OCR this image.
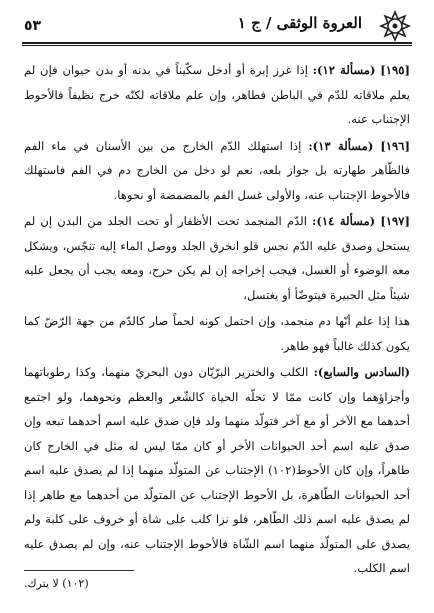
٥٣	العروة الوثقى / ج ١

[١٩٥] (مسألة ١٢): إذا غرز إبرة أو أدخل سكّيناً في بدنه أو بدن حيوان فإن لم يعلم ملاقاته للدّم في الباطن فطاهر، وإن علم ملاقاته لكنّه خرج نظيفاً فالأحوط الإجتناب عنه.

[١٩٦] (مسألة ١٣): إذا استهلك الدّم الخارج من بين الأسنان في ماء الفم فالظّاهر طهارته بل جواز بلعه، نعم لو دخل من الخارج دم في الفم فاستهلك فالأحوط الإجتناب عنه، والأولى غسل الفم بالمضمضة أو نحوها.

[١٩٧] (مسألة ١٤): الدّم المنجمد تحت الأظفار أو تحت الجلد من البدن إن لم يستحل وصدق عليه الدّم نجس فلو انخرق الجلد ووصل الماء إليه تنجّس، ويشكل معه الوضوء أو الغسل، فيجب إخراجه إن لم يكن حرج، ومعه يجب أن يجعل عليه شيئاً مثل الجبيرة فيتوضّأ أو يغتسل،

هذا إذا علم أنّها دم منجمد، وإن احتمل كونه لحماً صار كالدّم من جهة الرّضّ كما يكون كذلك غالباً فهو طاهر.

(السادس والسابع): الكلب والخنزير البرّيّان دون البحريّ منهما، وكذا رطوباتهما وأجزاؤهما وإن كانت ممّا لا تحلّه الحياة كالشّعر والعظم ونحوهما، ولو اجتمع أحدهما مع الآخر أو مع آخر فتولّد منهما ولد فإن صدق عليه اسم أحدهما تبعه وإن صدق عليه اسم أحد الحيوانات الأخر أو كان ممّا ليس له مثل في الخارج كان طاهراً، وإن كان الأحوط(١٠٢) الإجتناب عن المتولّد منهما إذا لم يصدق عليه اسم أحد الحيوانات الطّاهرة، بل الأحوط الإجتناب عن المتولّد من أحدهما مع طاهر إذا لم يصدق عليه اسم ذلك الطّاهر، فلو نزا كلب على شاة أو خروف على كلبة ولم يصدق على المتولّد منهما اسم الشّاة فالأحوط الإجتناب عنه، وإن لم يصدق عليه اسم الكلب.

(١٠٢) لا يترك.
